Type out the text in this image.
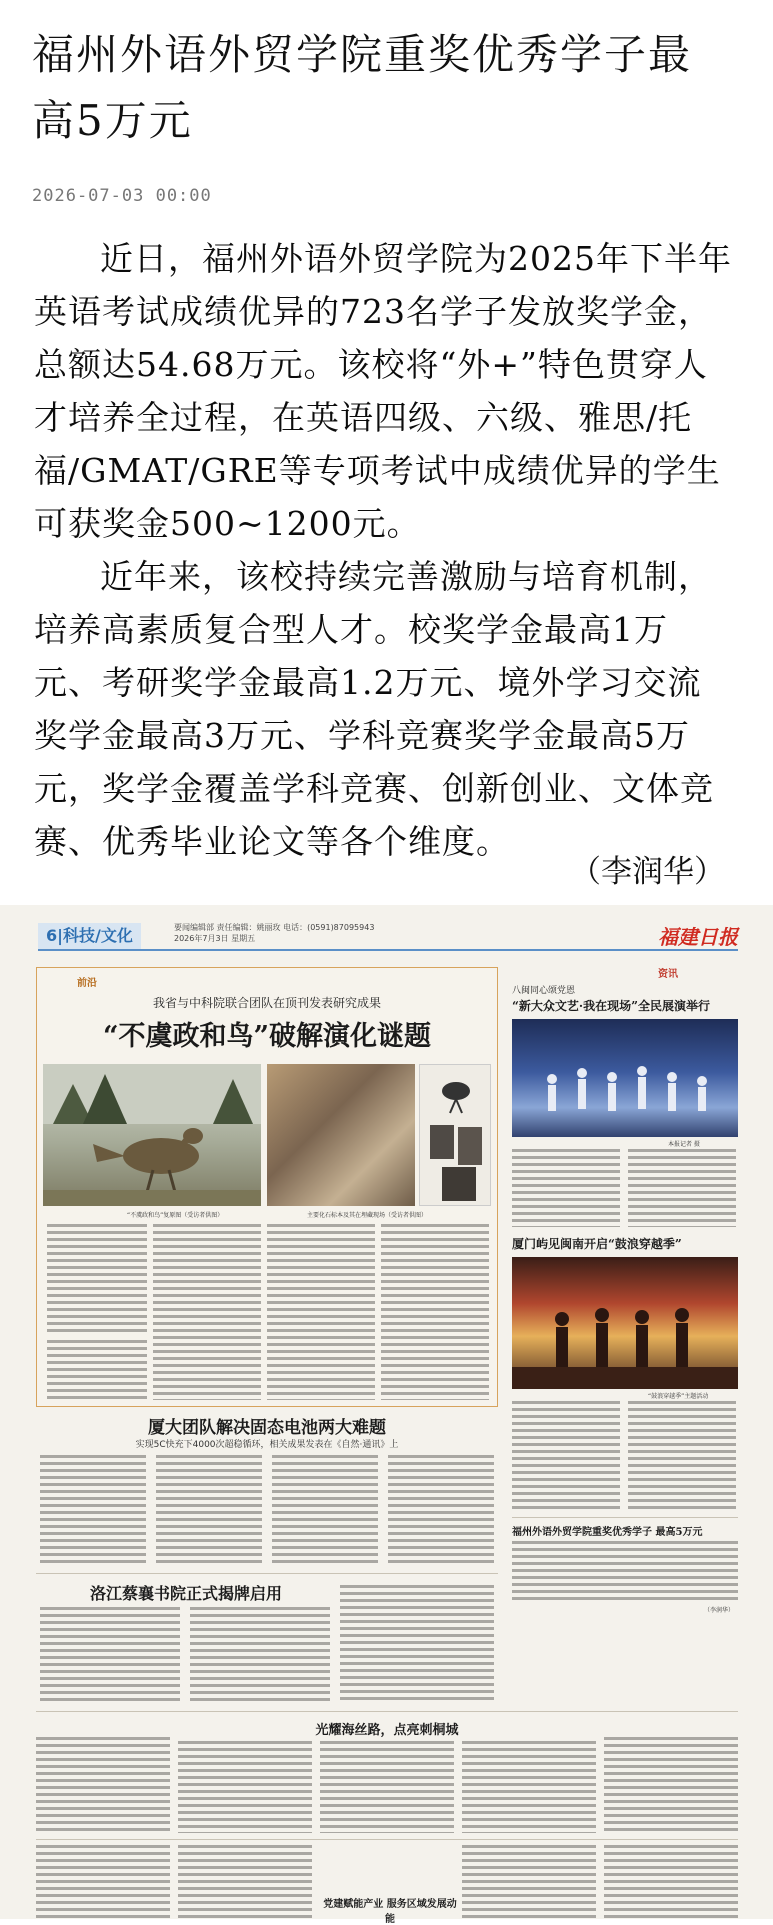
福州外语外贸学院重奖优秀学子最高5万元
2026-07-03 00:00

近日，福州外语外贸学院为2025年下半年英语考试成绩优异的723名学子发放奖学金，总额达54.68万元。该校将“外+”特色贯穿人才培养全过程，在英语四级、六级、雅思/托福/GMAT/GRE等专项考试中成绩优异的学生可获奖金500~1200元。

近年来，该校持续完善激励与培育机制，培养高素质复合型人才。校奖学金最高1万元、考研奖学金最高1.2万元、境外学习交流奖学金最高3万元、学科竞赛奖学金最高5万元，奖学金覆盖学科竞赛、创新创业、文体竞赛、优秀毕业论文等各个维度。

（李润华）
6|科技/文化	要闻编辑部 责任编辑：姚丽玫 电话：(0591)87095943
2026年7月3日 星期五	福建日报
前沿
我省与中科院联合团队在顶刊发表研究成果
“不虞政和鸟”破解演化谜题
“不虞政和鸟”复原图（受访者供图）	主要化石标本及其在埋藏现场（受访者供图）
厦大团队解决固态电池两大难题
实现5C快充下4000次超稳循环，相关成果发表在《自然·通讯》上
洛江蔡襄书院正式揭牌启用
资讯
八闽同心颂党恩
“新大众文艺·我在现场”全民展演举行
本报记者 摄
厦门屿见闽南开启“鼓浪穿越季”
“鼓浪穿越季”主题活动
福州外语外贸学院重奖优秀学子 最高5万元
（李润华）
光耀海丝路，点亮刺桐城
党建赋能产业 服务区域发展动能
